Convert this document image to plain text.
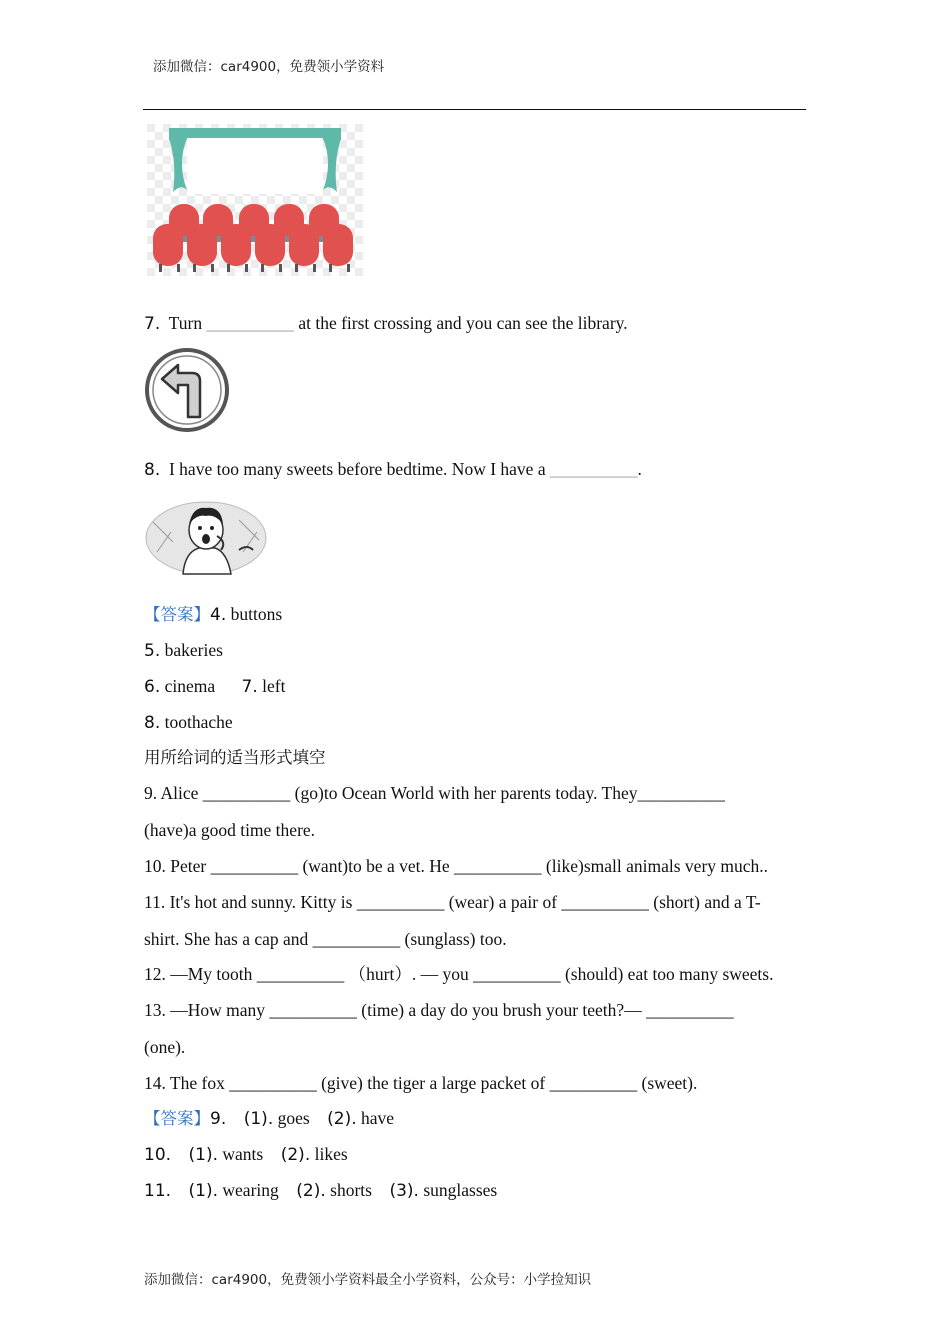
添加微信：car4900，免费领小学资料
7. Turn __________ at the first crossing and you can see the library.
8. I have too many sweets before bedtime. Now I have a __________.
【答案】4. buttons
5. bakeries
6. cinema 7. left
8. toothache
用所给词的适当形式填空
9. Alice __________ (go)to Ocean World with her parents today. They__________
(have)a good time there.
10. Peter __________ (want)to be a vet. He __________ (like)small animals very much..
11. It's hot and sunny. Kitty is __________ (wear) a pair of __________ (short) and a T-
shirt. She has a cap and __________ (sunglass) too.
12. —My tooth __________ （hurt）. — you __________ (should) eat too many sweets.
13. —How many __________ (time) a day do you brush your teeth?— __________
(one).
14. The fox __________ (give) the tiger a large packet of __________ (sweet).
【答案】9. (1). goes (2). have
10. (1). wants (2). likes
11. (1). wearing (2). shorts (3). sunglasses
添加微信：car4900，免费领小学资料最全小学资料，公众号：小学捡知识
